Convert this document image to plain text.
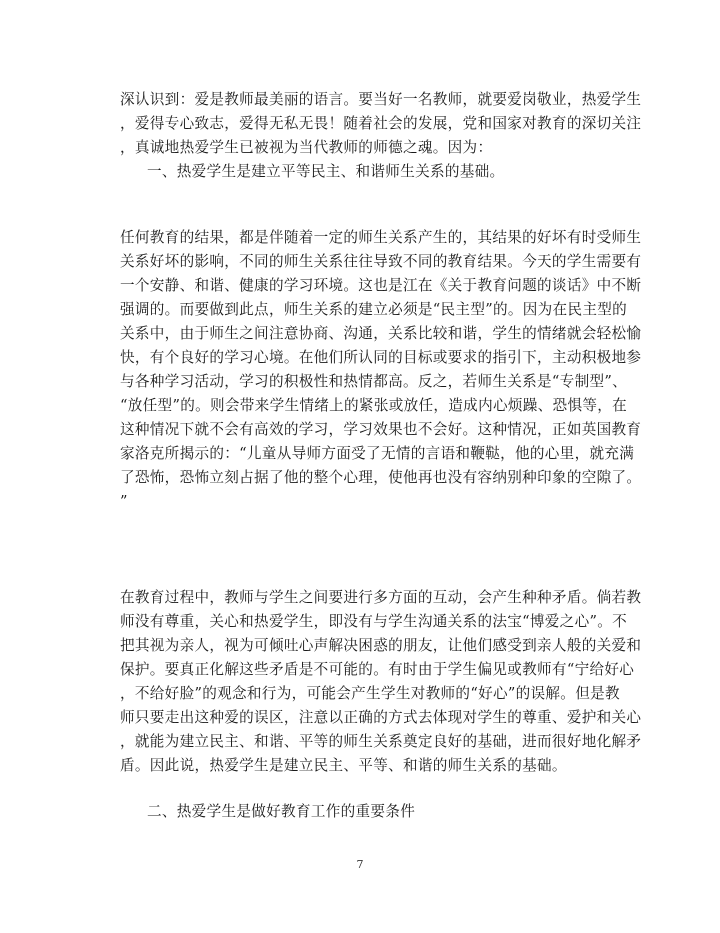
深认识到：爱是教师最美丽的语言。要当好一名教师，就要爱岗敬业，热爱学生
，爱得专心致志，爱得无私无畏！随着社会的发展，党和国家对教育的深切关注
，真诚地热爱学生已被视为当代教师的师德之魂。因为：
一、热爱学生是建立平等民主、和谐师生关系的基础。
任何教育的结果，都是伴随着一定的师生关系产生的，其结果的好坏有时受师生
关系好坏的影响，不同的师生关系往往导致不同的教育结果。今天的学生需要有
一个安静、和谐、健康的学习环境。这也是江在《关于教育问题的谈话》中不断
强调的。而要做到此点，师生关系的建立必须是“民主型”的。因为在民主型的
关系中，由于师生之间注意协商、沟通，关系比较和谐，学生的情绪就会轻松愉
快，有个良好的学习心境。在他们所认同的目标或要求的指引下，主动积极地参
与各种学习活动，学习的积极性和热情都高。反之，若师生关系是“专制型”、
“放任型”的。则会带来学生情绪上的紧张或放任，造成内心烦躁、恐惧等，在
这种情况下就不会有高效的学习，学习效果也不会好。这种情况，正如英国教育
家洛克所揭示的：“儿童从导师方面受了无情的言语和鞭鞑，他的心里，就充满
了恐怖，恐怖立刻占据了他的整个心理，使他再也没有容纳别种印象的空隙了。
”
在教育过程中，教师与学生之间要进行多方面的互动，会产生种种矛盾。倘若教
师没有尊重，关心和热爱学生，即没有与学生沟通关系的法宝“博爱之心”。不
把其视为亲人，视为可倾吐心声解决困惑的朋友，让他们感受到亲人般的关爱和
保护。要真正化解这些矛盾是不可能的。有时由于学生偏见或教师有“宁给好心
，不给好脸”的观念和行为，可能会产生学生对教师的“好心”的误解。但是教
师只要走出这种爱的误区，注意以正确的方式去体现对学生的尊重、爱护和关心
，就能为建立民主、和谐、平等的师生关系奠定良好的基础，进而很好地化解矛
盾。因此说，热爱学生是建立民主、平等、和谐的师生关系的基础。
二、热爱学生是做好教育工作的重要条件
7
